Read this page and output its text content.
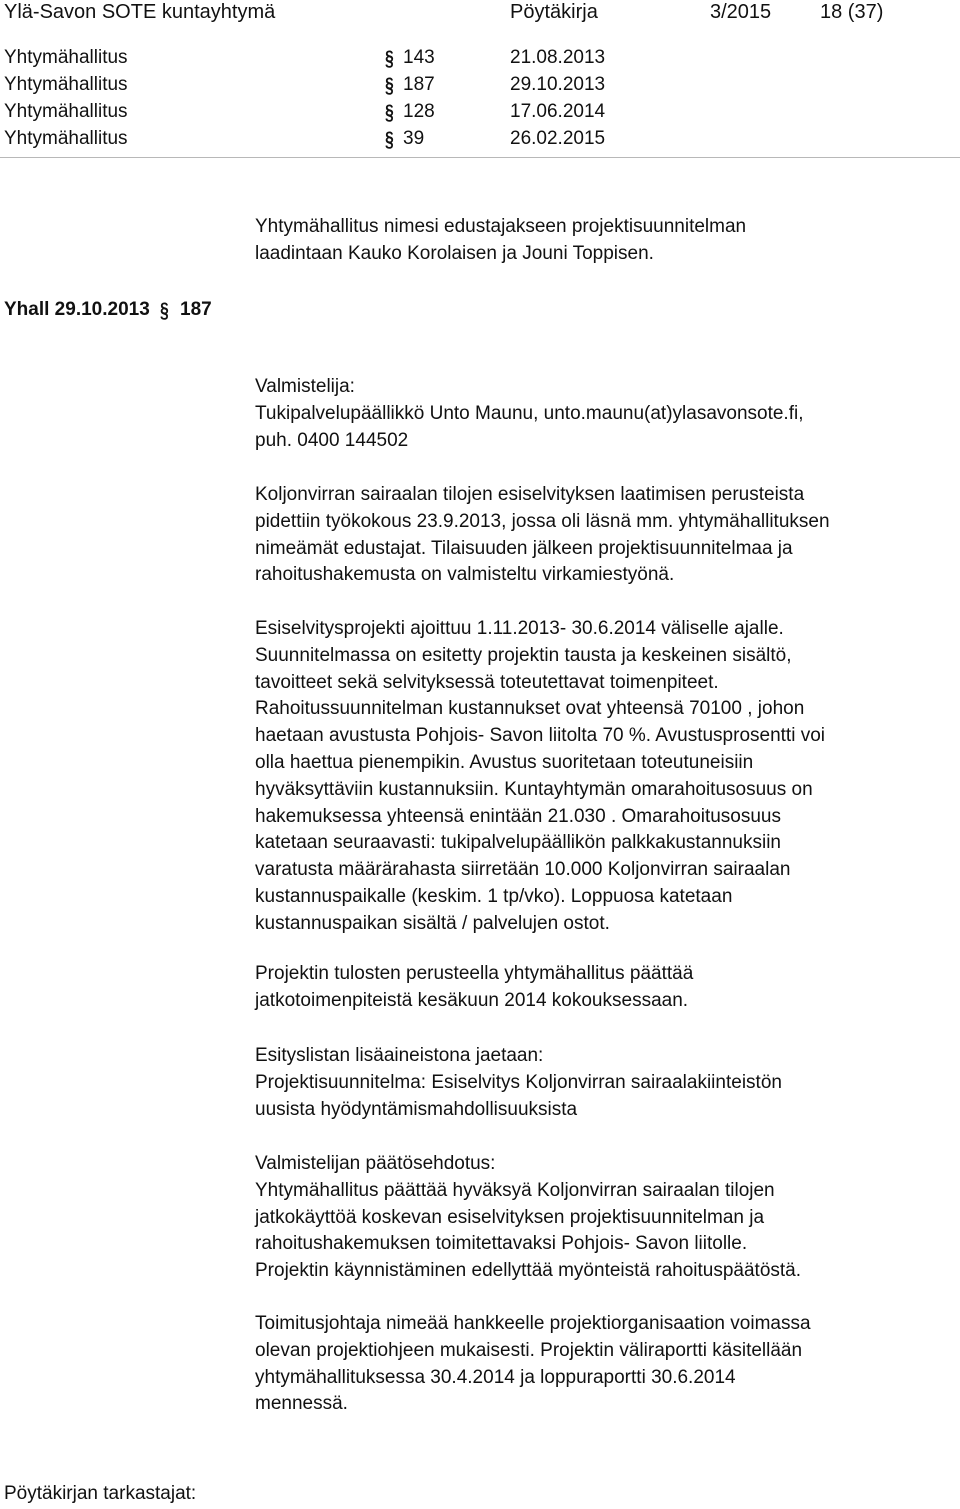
Ylä-Savon SOTE kuntayhtymä	Pöytäkirja	3/2015 18 (37)
Yhtymähallitus	§ 143	21.08.2013
Yhtymähallitus	§ 187	29.10.2013
Yhtymähallitus	§ 128	17.06.2014
Yhtymähallitus	§ 39	26.02.2015
Yhall 29.10.2013 § 187
Yhtymähallitus nimesi edustajakseen projektisuunnitelman
laadintaan Kauko Korolaisen ja Jouni Toppisen.
Valmistelija:
Tukipalvelupäällikkö Unto Maunu, unto.maunu(at)ylasavonsote.fi,
puh. 0400 144502
Koljonvirran sairaalan tilojen esiselvityksen laatimisen perusteista
pidettiin työkokous 23.9.2013, jossa oli läsnä mm. yhtymähallituksen
nimeämät edustajat. Tilaisuuden jälkeen projektisuunnitelmaa ja
rahoitushakemusta on valmisteltu virkamiestyönä.
Esiselvitysprojekti ajoittuu 1.11.2013- 30.6.2014 väliselle ajalle.
Suunnitelmassa on esitetty projektin tausta ja keskeinen sisältö,
tavoitteet sekä selvityksessä toteutettavat toimenpiteet.
Rahoitussuunnitelman kustannukset ovat yhteensä 70100 , johon
haetaan avustusta Pohjois- Savon liitolta 70 %. Avustusprosentti voi
olla haettua pienempikin. Avustus suoritetaan toteutuneisiin
hyväksyttäviin kustannuksiin. Kuntayhtymän omarahoitusosuus on
hakemuksessa yhteensä enintään 21.030 . Omarahoitusosuus
katetaan seuraavasti: tukipalvelupäällikön palkkakustannuksiin
varatusta määrärahasta siirretään 10.000 Koljonvirran sairaalan
kustannuspaikalle (keskim. 1 tp/vko). Loppuosa katetaan
kustannuspaikan sisältä / palvelujen ostot.
Projektin tulosten perusteella yhtymähallitus päättää
jatkotoimenpiteistä kesäkuun 2014 kokouksessaan.
Esityslistan lisäaineistona jaetaan:
Projektisuunnitelma: Esiselvitys Koljonvirran sairaalakiinteistön
uusista hyödyntämismahdollisuuksista
Valmistelijan päätösehdotus:
Yhtymähallitus päättää hyväksyä Koljonvirran sairaalan tilojen
jatkokäyttöä koskevan esiselvityksen projektisuunnitelman ja
rahoitushakemuksen toimitettavaksi Pohjois- Savon liitolle.
Projektin käynnistäminen edellyttää myönteistä rahoituspäätöstä.
Toimitusjohtaja nimeää hankkeelle projektiorganisaation voimassa
olevan projektiohjeen mukaisesti. Projektin väliraportti käsitellään
yhtymähallituksessa 30.4.2014 ja loppuraportti 30.6.2014
mennessä.
Pöytäkirjan tarkastajat:
